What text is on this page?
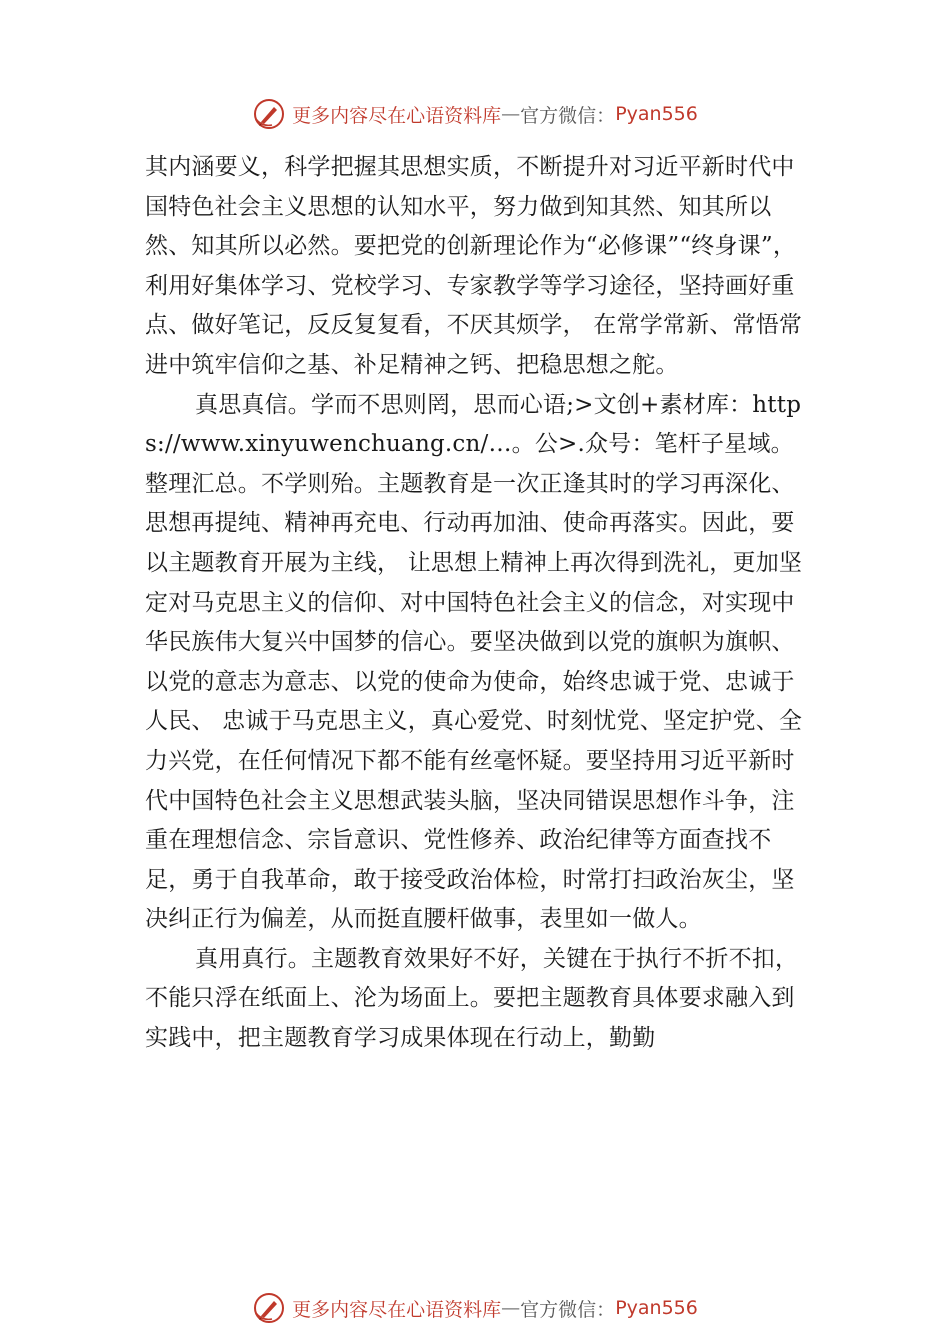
更多内容尽在心语资料库 — 官方微信： Pyan556

其内涵要义，科学把握其思想实质，不断提升对习近平新时代中国特色社会主义思想的认知水平，努力做到知其然、知其所以然、知其所以必然。要把党的创新理论作为“必修课”“终身课”，利用好集体学习、党校学习、专家教学等学习途径，坚持画好重点、做好笔记，反反复复看，不厌其烦学， 在常学常新、常悟常进中筑牢信仰之基、补足精神之钙、把稳思想之舵。

真思真信。学而不思则罔，思而心语;>文创+素材库：https://www.xinyuwenchuang.cn/…。公>.众号：笔杆子星域。整理汇总。不学则殆。主题教育是一次正逢其时的学习再深化、思想再提纯、精神再充电、行动再加油、使命再落实。因此，要以主题教育开展为主线， 让思想上精神上再次得到洗礼，更加坚定对马克思主义的信仰、对中国特色社会主义的信念，对实现中华民族伟大复兴中国梦的信心。要坚决做到以党的旗帜为旗帜、以党的意志为意志、以党的使命为使命，始终忠诚于党、忠诚于人民、 忠诚于马克思主义，真心爱党、时刻忧党、坚定护党、全力兴党，在任何情况下都不能有丝毫怀疑。要坚持用习近平新时代中国特色社会主义思想武装头脑，坚决同错误思想作斗争，注重在理想信念、宗旨意识、党性修养、政治纪律等方面查找不足，勇于自我革命，敢于接受政治体检，时常打扫政治灰尘，坚决纠正行为偏差，从而挺直腰杆做事，表里如一做人。

真用真行。主题教育效果好不好，关键在于执行不折不扣，不能只浮在纸面上、沦为场面上。要把主题教育具体要求融入到实践中，把主题教育学习成果体现在行动上，勤勤

更多内容尽在心语资料库 — 官方微信： Pyan556
